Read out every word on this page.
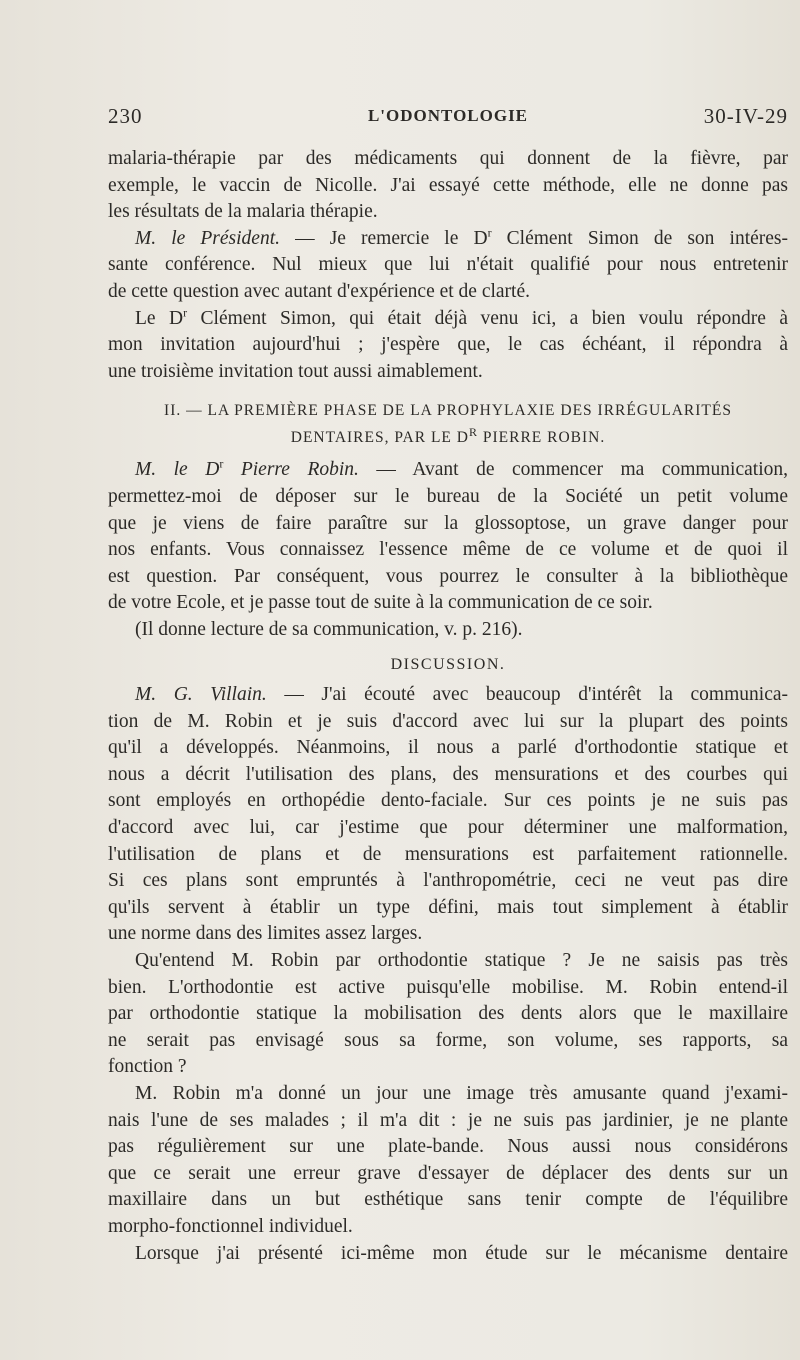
230	L'ODONTOLOGIE	30-IV-29

malaria-thérapie par des médicaments qui donnent de la fièvre, par
exemple, le vaccin de Nicolle. J'ai essayé cette méthode, elle ne donne pas
les résultats de la malaria thérapie.

M. le Président. — Je remercie le $D^r$ Clément Simon de son intéres-
sante conférence. Nul mieux que lui n'était qualifié pour nous entretenir
de cette question avec autant d'expérience et de clarté.

Le $D^r$ Clément Simon, qui était déjà venu ici, a bien voulu répondre à
mon invitation aujourd'hui ; j'espère que, le cas échéant, il répondra à
une troisième invitation tout aussi aimablement.

II. — LA PREMIÈRE PHASE DE LA PROPHYLAXIE DES IRRÉGULARITÉS
DENTAIRES, PAR LE $D^R$ PIERRE ROBIN.

M. le $D^r$ Pierre Robin. — Avant de commencer ma communication,
permettez-moi de déposer sur le bureau de la Société un petit volume
que je viens de faire paraître sur la glossoptose, un grave danger pour
nos enfants. Vous connaissez l'essence même de ce volume et de quoi il
est question. Par conséquent, vous pourrez le consulter à la bibliothèque
de votre Ecole, et je passe tout de suite à la communication de ce soir.

(Il donne lecture de sa communication, v. p. 216).

DISCUSSION.

M. G. Villain. — J'ai écouté avec beaucoup d'intérêt la communica-
tion de M. Robin et je suis d'accord avec lui sur la plupart des points
qu'il a développés. Néanmoins, il nous a parlé d'orthodontie statique et
nous a décrit l'utilisation des plans, des mensurations et des courbes qui
sont employés en orthopédie dento-faciale. Sur ces points je ne suis pas
d'accord avec lui, car j'estime que pour déterminer une malformation,
l'utilisation de plans et de mensurations est parfaitement rationnelle.
Si ces plans sont empruntés à l'anthropométrie, ceci ne veut pas dire
qu'ils servent à établir un type défini, mais tout simplement à établir
une norme dans des limites assez larges.

Qu'entend M. Robin par orthodontie statique ? Je ne saisis pas très
bien. L'orthodontie est active puisqu'elle mobilise. M. Robin entend-il
par orthodontie statique la mobilisation des dents alors que le maxillaire
ne serait pas envisagé sous sa forme, son volume, ses rapports, sa
fonction ?

M. Robin m'a donné un jour une image très amusante quand j'exami-
nais l'une de ses malades ; il m'a dit : je ne suis pas jardinier, je ne plante
pas régulièrement sur une plate-bande. Nous aussi nous considérons
que ce serait une erreur grave d'essayer de déplacer des dents sur un
maxillaire dans un but esthétique sans tenir compte de l'équilibre
morpho-fonctionnel individuel.

Lorsque j'ai présenté ici-même mon étude sur le mécanisme dentaire
